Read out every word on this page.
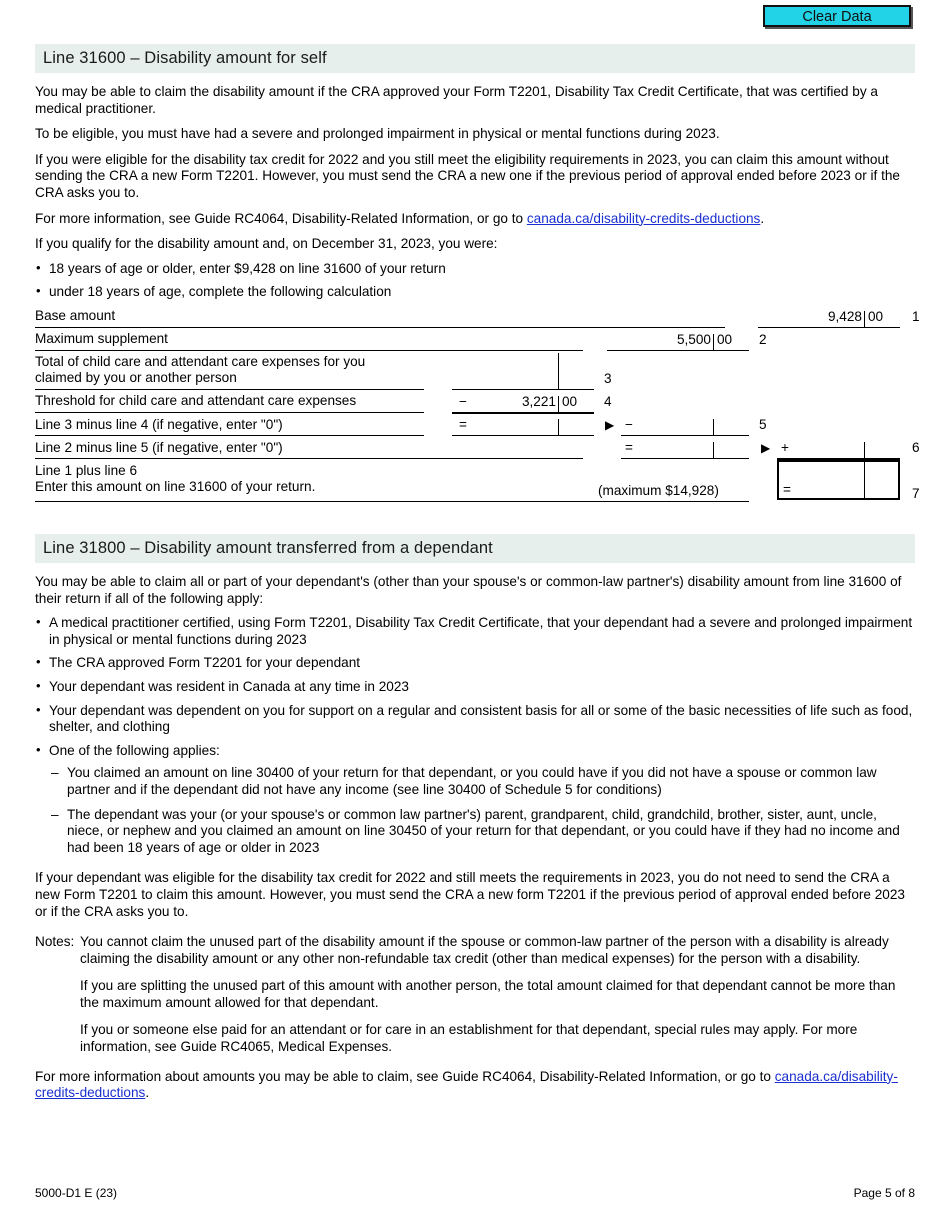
Clear Data
Line 31600 – Disability amount for self

You may be able to claim the disability amount if the CRA approved your Form T2201, Disability Tax Credit Certificate, that was certified by a medical practitioner.

To be eligible, you must have had a severe and prolonged impairment in physical or mental functions during 2023.

If you were eligible for the disability tax credit for 2022 and you still meet the eligibility requirements in 2023, you can claim this amount without sending the CRA a new Form T2201. However, you must send the CRA a new one if the previous period of approval ended before 2023 or if the CRA asks you to.

For more information, see Guide RC4064, Disability-Related Information, or go to canada.ca/disability-credits-deductions.

If you qualify for the disability amount and, on December 31, 2023, you were:

• 18 years of age or older, enter $9,428 on line 31600 of your return
• under 18 years of age, complete the following calculation
Base amount	9,428 00 1
Maximum supplement	5,500 00 2
Total of child care and attendant care expenses for you
claimed by you or another person	3
Threshold for child care and attendant care expenses	−	3,221 00 4
Line 3 minus line 4 (if negative, enter "0")	=	▶ −	5
Line 2 minus line 5 (if negative, enter "0")	=	▶ +	6
Line 1 plus line 6
Enter this amount on line 31600 of your return.	(maximum $14,928)	=	7
Line 31800 – Disability amount transferred from a dependant

You may be able to claim all or part of your dependant's (other than your spouse's or common-law partner's) disability amount from line 31600 of their return if all of the following apply:

• A medical practitioner certified, using Form T2201, Disability Tax Credit Certificate, that your dependant had a severe and prolonged impairment in physical or mental functions during 2023
• The CRA approved Form T2201 for your dependant
• Your dependant was resident in Canada at any time in 2023
• Your dependant was dependent on you for support on a regular and consistent basis for all or some of the basic necessities of life such as food, shelter, and clothing
• One of the following applies:
– You claimed an amount on line 30400 of your return for that dependant, or you could have if you did not have a spouse or common law partner and if the dependant did not have any income (see line 30400 of Schedule 5 for conditions)
– The dependant was your (or your spouse's or common law partner's) parent, grandparent, child, grandchild, brother, sister, aunt, uncle, niece, or nephew and you claimed an amount on line 30450 of your return for that dependant, or you could have if they had no income and had been 18 years of age or older in 2023

If your dependant was eligible for the disability tax credit for 2022 and still meets the requirements in 2023, you do not need to send the CRA a new Form T2201 to claim this amount. However, you must send the CRA a new form T2201 if the previous period of approval ended before 2023 or if the CRA asks you to.

Notes: You cannot claim the unused part of the disability amount if the spouse or common-law partner of the person with a disability is already claiming the disability amount or any other non-refundable tax credit (other than medical expenses) for the person with a disability.
If you are splitting the unused part of this amount with another person, the total amount claimed for that dependant cannot be more than the maximum amount allowed for that dependant.
If you or someone else paid for an attendant or for care in an establishment for that dependant, special rules may apply. For more information, see Guide RC4065, Medical Expenses.

For more information about amounts you may be able to claim, see Guide RC4064, Disability-Related Information, or go to canada.ca/disability-credits-deductions.

5000-D1 E (23)	Page 5 of 8
